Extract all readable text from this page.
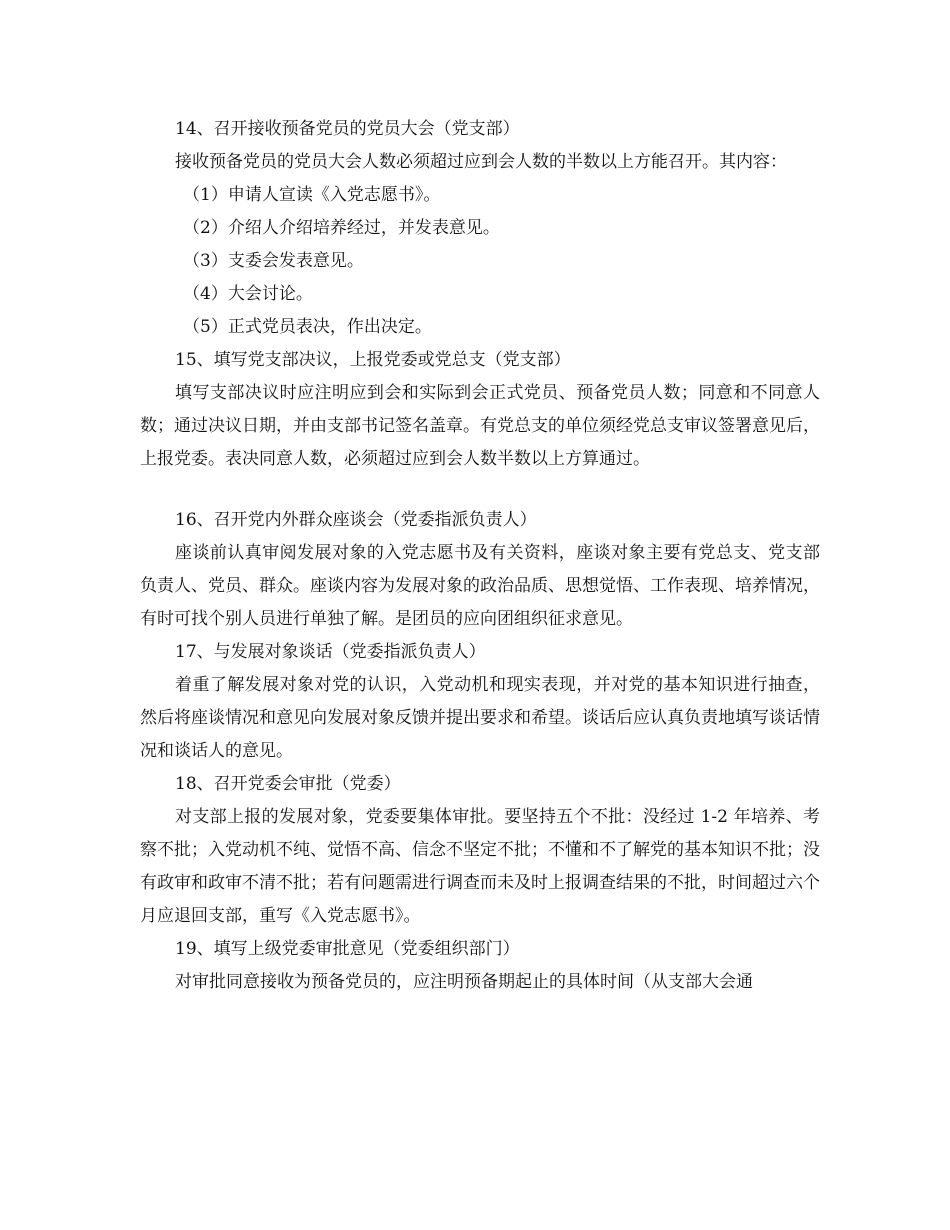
14、召开接收预备党员的党员大会（党支部）

接收预备党员的党员大会人数必须超过应到会人数的半数以上方能召开。其内容：

（1）申请人宣读《入党志愿书》。

（2）介绍人介绍培养经过，并发表意见。

（3）支委会发表意见。

（4）大会讨论。

（5）正式党员表决，作出决定。

15、填写党支部决议，上报党委或党总支（党支部）

填写支部决议时应注明应到会和实际到会正式党员、预备党员人数；同意和不同意人数；通过决议日期，并由支部书记签名盖章。有党总支的单位须经党总支审议签署意见后，上报党委。表决同意人数，必须超过应到会人数半数以上方算通过。

16、召开党内外群众座谈会（党委指派负责人）

座谈前认真审阅发展对象的入党志愿书及有关资料，座谈对象主要有党总支、党支部负责人、党员、群众。座谈内容为发展对象的政治品质、思想觉悟、工作表现、培养情况，有时可找个别人员进行单独了解。是团员的应向团组织征求意见。

17、与发展对象谈话（党委指派负责人）

着重了解发展对象对党的认识，入党动机和现实表现，并对党的基本知识进行抽查，然后将座谈情况和意见向发展对象反馈并提出要求和希望。谈话后应认真负责地填写谈话情况和谈话人的意见。

18、召开党委会审批（党委）

对支部上报的发展对象，党委要集体审批。要坚持五个不批：没经过 1-2 年培养、考察不批；入党动机不纯、觉悟不高、信念不坚定不批；不懂和不了解党的基本知识不批；没有政审和政审不清不批；若有问题需进行调查而未及时上报调查结果的不批，时间超过六个月应退回支部，重写《入党志愿书》。

19、填写上级党委审批意见（党委组织部门）

对审批同意接收为预备党员的，应注明预备期起止的具体时间（从支部大会通
